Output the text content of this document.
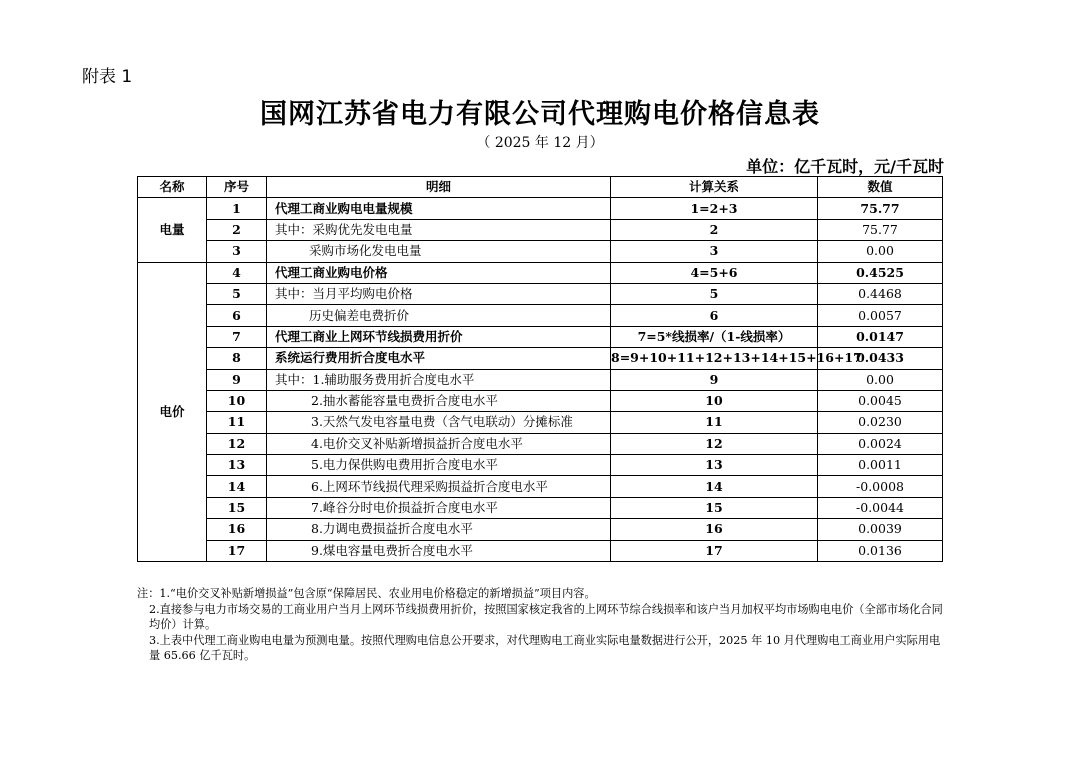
附表 1
国网江苏省电力有限公司代理购电价格信息表
（ 2025 年 12 月）
单位：亿千瓦时，元/千瓦时
名称	序号	明细	计算关系	数值
电量	1	代理工商业购电电量规模	1=2+3	75.77
	2	其中：采购优先发电电量	2	75.77
	3	采购市场化发电电量	3	0.00
电价	4	代理工商业购电价格	4=5+6	0.4525
	5	其中：当月平均购电价格	5	0.4468
	6	历史偏差电费折价	6	0.0057
	7	代理工商业上网环节线损费用折价	7=5*线损率/（1-线损率）	0.0147
	8	系统运行费用折合度电水平	8=9+10+11+12+13+14+15+16+17	0.0433
	9	其中：1.辅助服务费用折合度电水平	9	0.00
	10	2.抽水蓄能容量电费折合度电水平	10	0.0045
	11	3.天然气发电容量电费（含气电联动）分摊标准	11	0.0230
	12	4.电价交叉补贴新增损益折合度电水平	12	0.0024
	13	5.电力保供购电费用折合度电水平	13	0.0011
	14	6.上网环节线损代理采购损益折合度电水平	14	-0.0008
	15	7.峰谷分时电价损益折合度电水平	15	-0.0044
	16	8.力调电费损益折合度电水平	16	0.0039
	17	9.煤电容量电费折合度电水平	17	0.0136
注：1.“电价交叉补贴新增损益”包含原“保障居民、农业用电价格稳定的新增损益”项目内容。
2.直接参与电力市场交易的工商业用户当月上网环节线损费用折价，按照国家核定我省的上网环节综合线损率和该户当月加权平均市场购电电价（全部市场化合同均价）计算。
3.上表中代理工商业购电电量为预测电量。按照代理购电信息公开要求，对代理购电工商业实际电量数据进行公开，2025 年 10 月代理购电工商业用户实际用电量 65.66 亿千瓦时。
